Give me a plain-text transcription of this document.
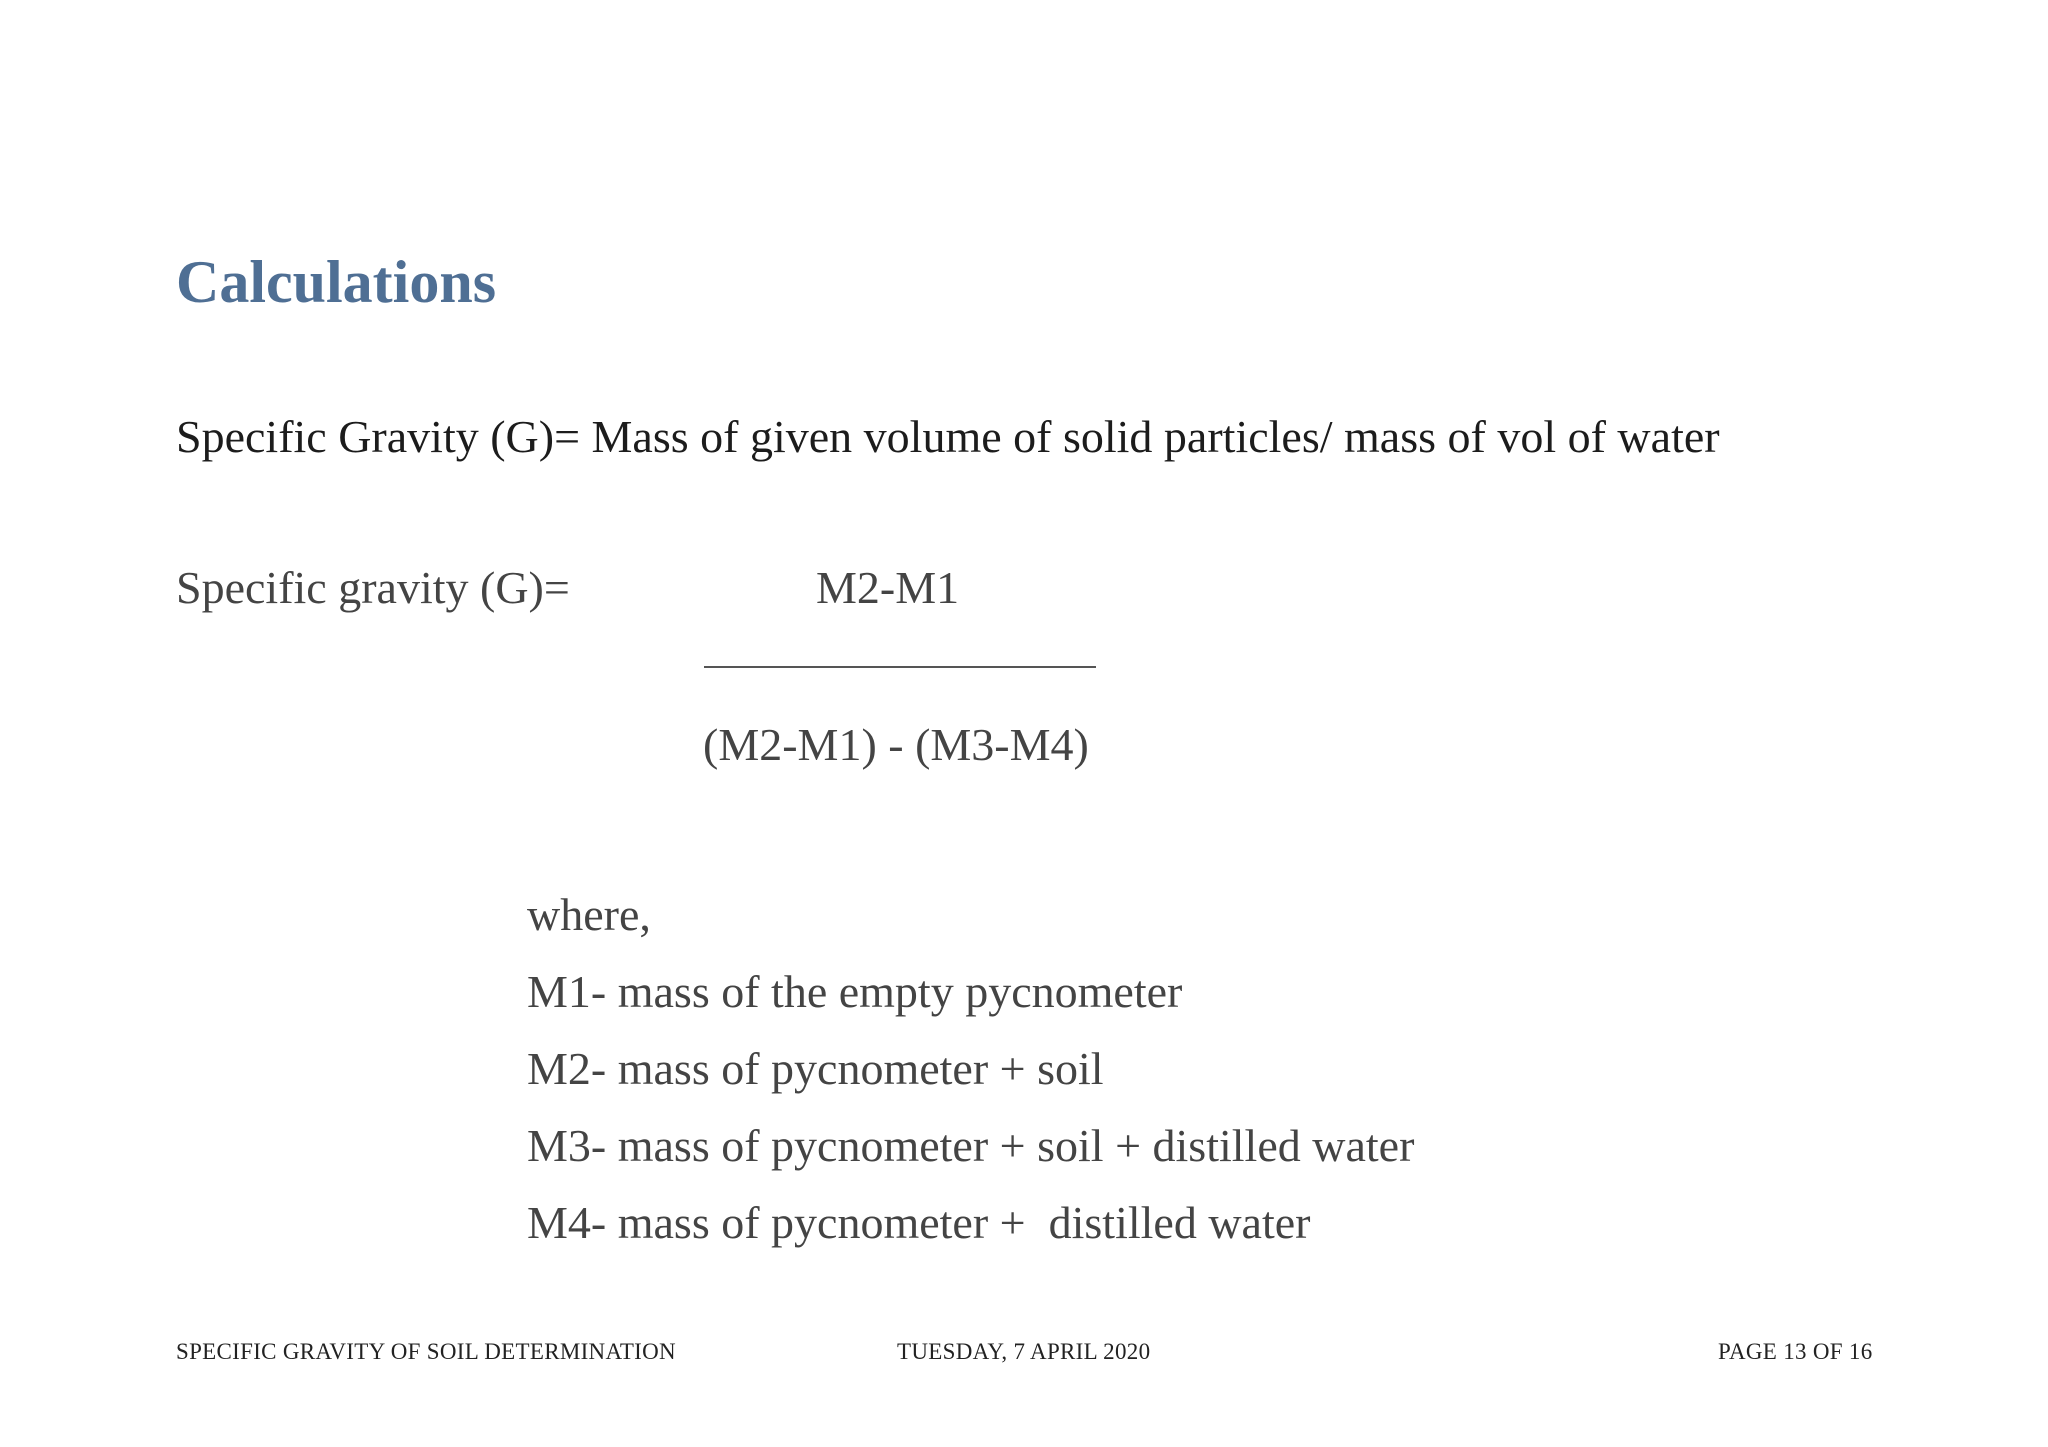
Calculations
Specific Gravity (G)= Mass of given volume of solid particles/ mass of vol of water
Specific gravity (G)=	M2-M1
(M2-M1) - (M3-M4)
where,
M1- mass of the empty pycnometer
M2- mass of pycnometer + soil
M3- mass of pycnometer + soil + distilled water
M4- mass of pycnometer +  distilled water
SPECIFIC GRAVITY OF SOIL DETERMINATION	TUESDAY, 7 APRIL 2020	PAGE 13 OF 16
